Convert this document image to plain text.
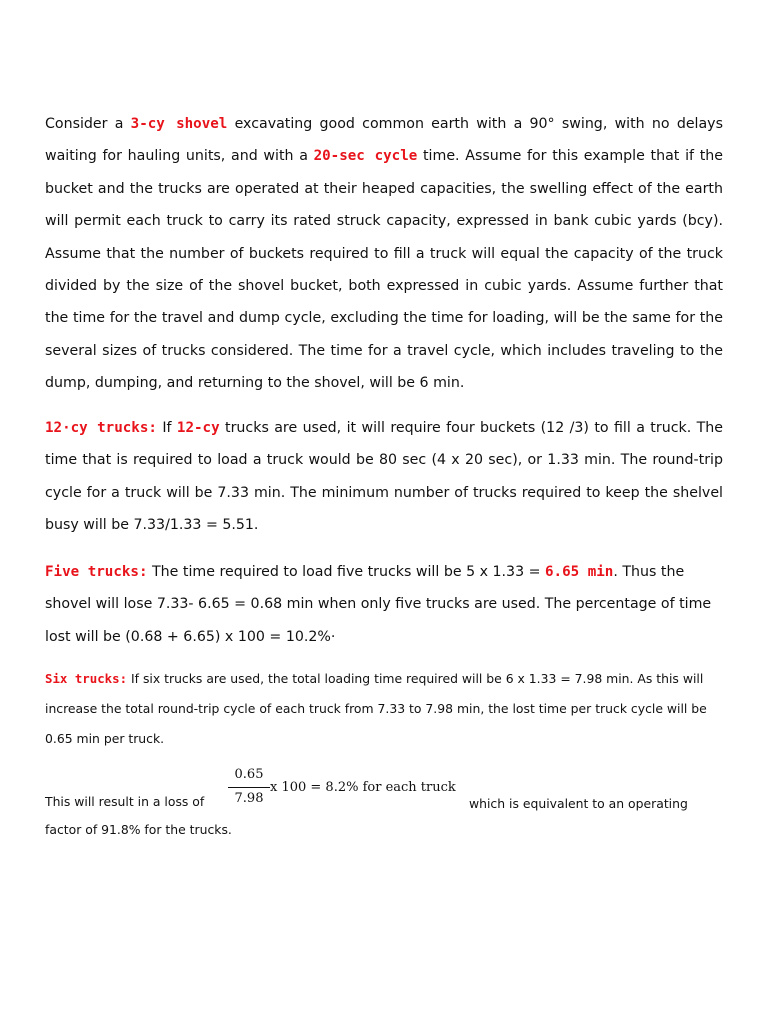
Consider a 3-cy shovel excavating good common earth with a 90° swing, with no delays waiting for hauling units, and with a 20-sec cycle time. Assume for this example that if the bucket and the trucks are operated at their heaped capacities, the swelling effect of the earth will permit each truck to carry its rated struck capacity, expressed in bank cubic yards (bcy). Assume that the number of buckets required to fill a truck will equal the capacity of the truck divided by the size of the shovel bucket, both expressed in cubic yards. Assume further that the time for the travel and dump cycle, excluding the time for loading, will be the same for the several sizes of trucks considered. The time for a travel cycle, which includes traveling to the dump, dumping, and returning to the shovel, will be 6 min.

12·cy trucks: If 12-cy trucks are used, it will require four buckets (12 /3) to fill a truck. The time that is required to load a truck would be 80 sec (4 x 20 sec), or 1.33 min. The round-trip cycle for a truck will be 7.33 min. The minimum number of trucks required to keep the shelvel busy will be 7.33/1.33 = 5.51.

Five trucks: The time required to load five trucks will be 5 x 1.33 = 6.65 min. Thus the shovel will lose 7.33- 6.65 = 0.68 min when only five trucks are used. The percentage of time lost will be (0.68 + 6.65) x 100 = 10.2%·

Six trucks: If six trucks are used, the total loading time required will be 6 x 1.33 = 7.98 min. As this will increase the total round-trip cycle of each truck from 7.33 to 7.98 min, the lost time per truck cycle will be 0.65 min per truck.

This will result in a loss of
0.65
7.98
x 100 = 8.2% for each truck
which is equivalent to an operating
factor of 91.8% for the trucks.
